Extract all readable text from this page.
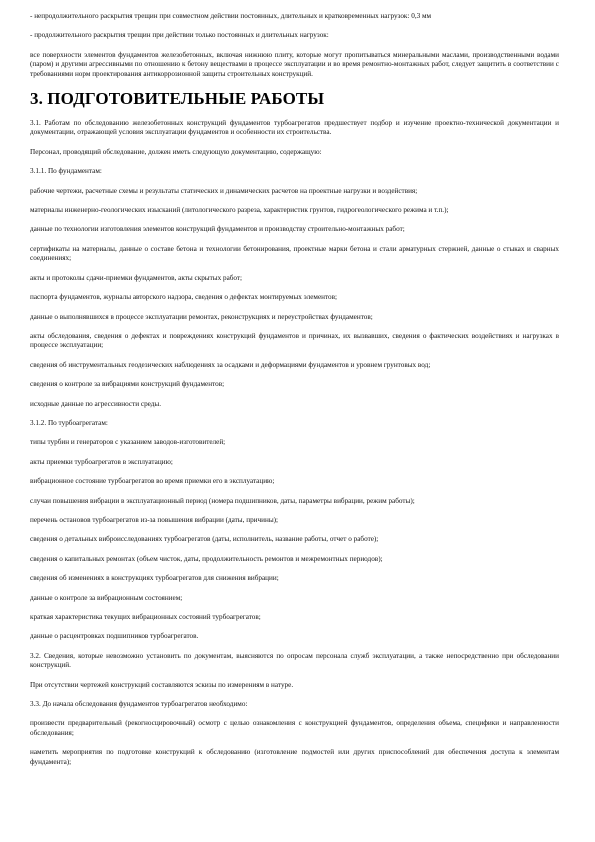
- непродолжительного раскрытия трещин при совместном действии постоянных, длительных и кратковременных нагрузок: 0,3 мм

- продолжительного раскрытия трещин при действии только постоянных и длительных нагрузок:

все поверхности элементов фундаментов железобетонных, включая нижнюю плиту, которые могут пропитываться минеральными маслами, производственными водами (паром) и другими агрессивными по отношению к бетону веществами в процессе эксплуатации и во время ремонтно-монтажных работ, следует защитить в соответствии с требованиями норм проектирования антикоррозионной защиты строительных конструкций.

3. ПОДГОТОВИТЕЛЬНЫЕ РАБОТЫ

3.1. Работам по обследованию железобетонных конструкций фундаментов турбоагрегатов предшествует подбор и изучение проектно-технической документации и документации, отражающей условия эксплуатации фундаментов и особенности их строительства.

Персонал, проводящий обследование, должен иметь следующую документацию, содержащую:

3.1.1. По фундаментам:

рабочие чертежи, расчетные схемы и результаты статических и динамических расчетов на проектные нагрузки и воздействия;

материалы инженерно-геологических изысканий (литологического разреза, характеристик грунтов, гидрогеологического режима и т.п.);

данные по технологии изготовления элементов конструкций фундаментов и производству строительно-монтажных работ;

сертификаты на материалы, данные о составе бетона и технологии бетонирования, проектные марки бетона и стали арматурных стержней, данные о стыках и сварных соединениях;

акты и протоколы сдачи-приемки фундаментов, акты скрытых работ;

паспорта фундаментов, журналы авторского надзора, сведения о дефектах монтируемых элементов;

данные о выполнявшихся в процессе эксплуатации ремонтах, реконструкциях и переустройствах фундаментов;

акты обследования, сведения о дефектах и повреждениях конструкций фундаментов и причинах, их вызвавших, сведения о фактических воздействиях и нагрузках в процессе эксплуатации;

сведения об инструментальных геодезических наблюдениях за осадками и деформациями фундаментов и уровнем грунтовых вод;

сведения о контроле за вибрациями конструкций фундаментов;

исходные данные по агрессивности среды.

3.1.2. По турбоагрегатам:

типы турбин и генераторов с указанием заводов-изготовителей;

акты приемки турбоагрегатов в эксплуатацию;

вибрационное состояние турбоагрегатов во время приемки его в эксплуатацию;

случаи повышения вибрации в эксплуатационный период (номера подшипников, даты, параметры вибрации, режим работы);

перечень остановов турбоагрегатов из-за повышения вибрации (даты, причины);

сведения о детальных виброисследованиях турбоагрегатов (даты, исполнитель, название работы, отчет о работе);

сведения о капитальных ремонтах (объем чисток, даты, продолжительность ремонтов и межремонтных периодов);

сведения об изменениях в конструкциях турбоагрегатов для снижения вибрации;

данные о контроле за вибрационным состоянием;

краткая характеристика текущих вибрационных состояний турбоагрегатов;

данные о расцентровках подшипников турбоагрегатов.

3.2. Сведения, которые невозможно установить по документам, выясняются по опросам персонала служб эксплуатации, а также непосредственно при обследовании конструкций.

При отсутствии чертежей конструкций составляются эскизы по измерениям в натуре.

3.3. До начала обследования фундаментов турбоагрегатов необходимо:

произвести предварительный (рекогносцировочный) осмотр с целью ознакомления с конструкцией фундаментов, определения объема, специфики и направленности обследования;

наметить мероприятия по подготовке конструкций к обследованию (изготовление подмостей или других приспособлений для обеспечения доступа к элементам фундамента);
